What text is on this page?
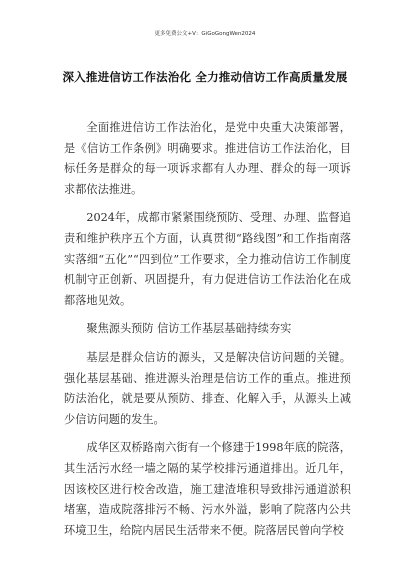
更多免费公文+V：GiGoGongWen2024
深入推进信访工作法治化 全力推动信访工作高质量发展

全面推进信访工作法治化，是党中央重大决策部署，是《信访工作条例》明确要求。推进信访工作法治化，目标任务是群众的每一项诉求都有人办理、群众的每一项诉求都依法推进。

2024年，成都市紧紧围绕预防、受理、办理、监督追责和维护秩序五个方面，认真贯彻“路线图”和工作指南落实落细“五化”“四到位”工作要求，全力推动信访工作制度机制守正创新、巩固提升，有力促进信访工作法治化在成都落地见效。

聚焦源头预防 信访工作基层基础持续夯实

基层是群众信访的源头，又是解决信访问题的关键。强化基层基础、推进源头治理是信访工作的重点。推进预防法治化，就是要从预防、排查、化解入手，从源头上减少信访问题的发生。

成华区双桥路南六街有一个修建于1998年底的院落，其生活污水经一墙之隔的某学校排污通道排出。近几年，因该校区进行校舍改造，施工建渣堆积导致排污通道淤积堵塞，造成院落排污不畅、污水外溢，影响了院落内公共环境卫生，给院内居民生活带来不便。院落居民曾向学校
